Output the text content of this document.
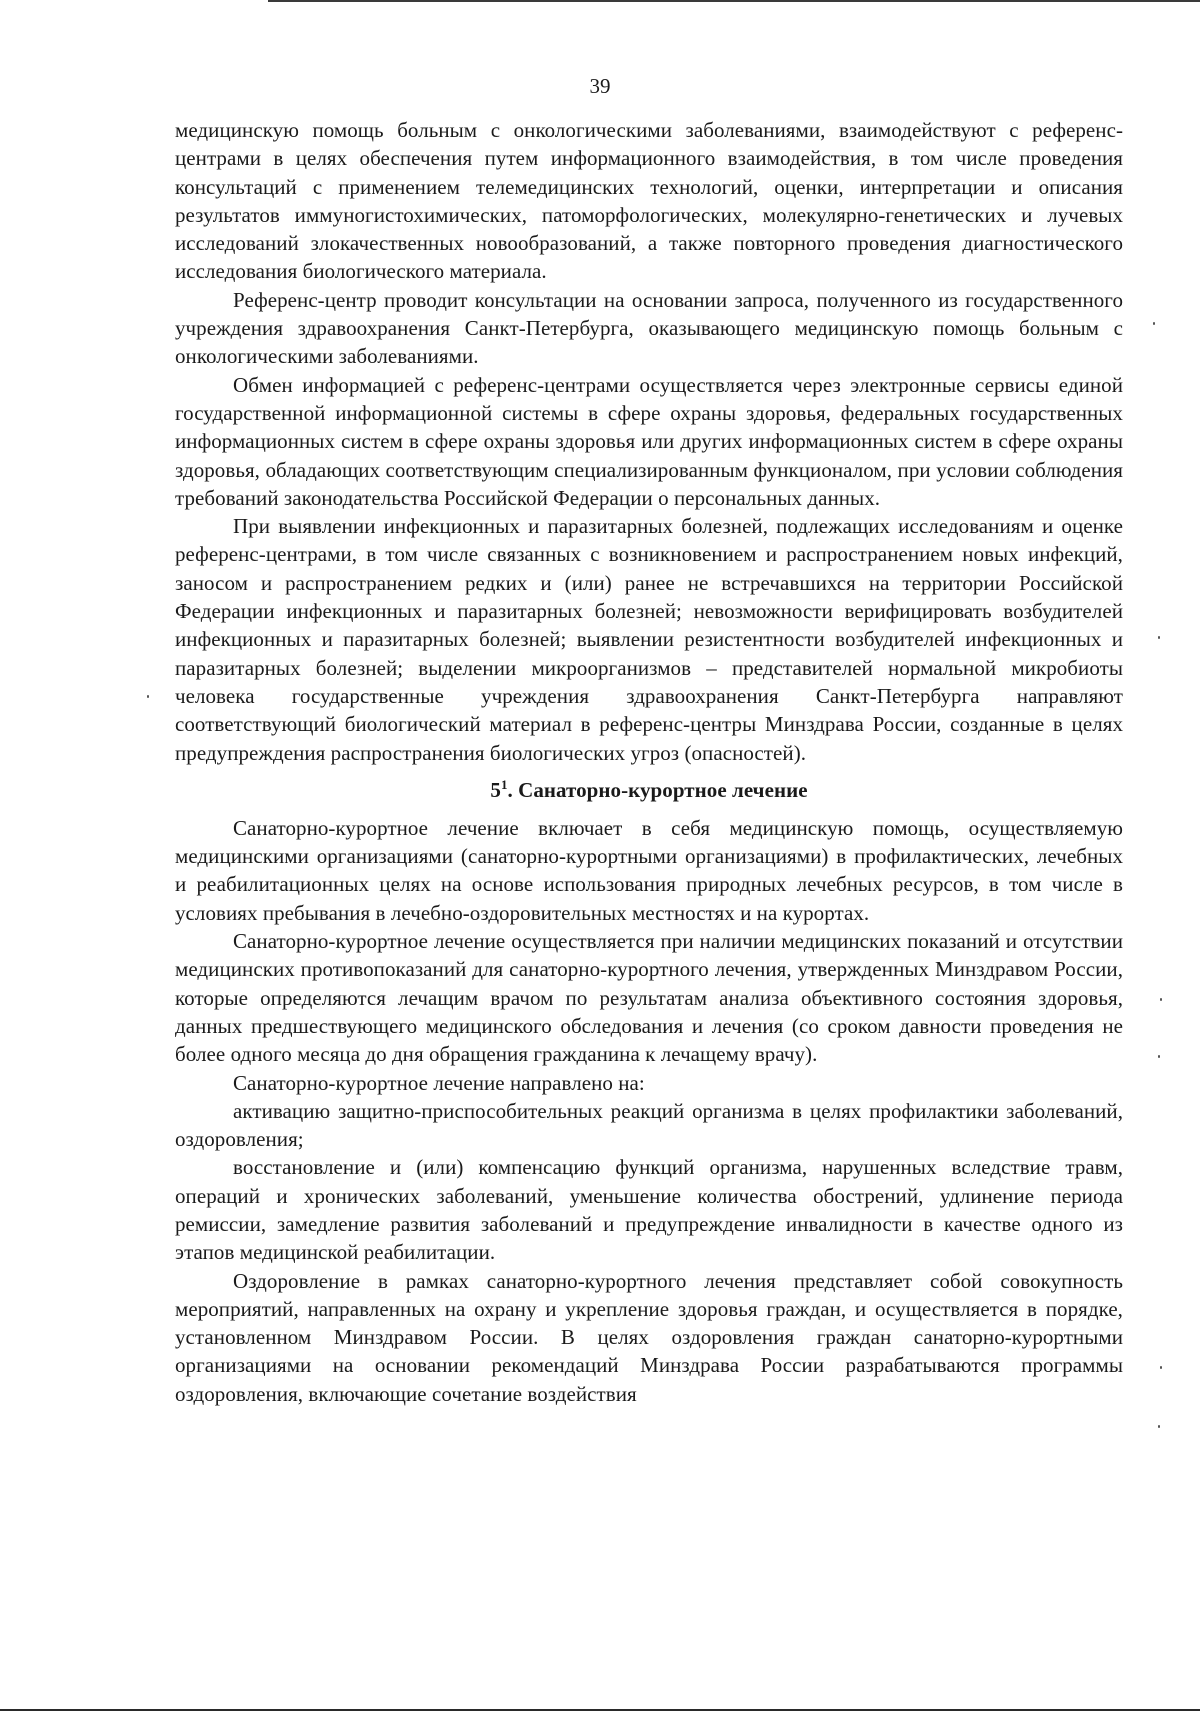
39

медицинскую помощь больным с онкологическими заболеваниями, взаимодействуют с референс-центрами в целях обеспечения путем информационного взаимодействия, в том числе проведения консультаций с применением телемедицинских технологий, оценки, интерпретации и описания результатов иммуногистохимических, патоморфологических, молекулярно-генетических и лучевых исследований злокачественных новообразований, а также повторного проведения диагностического исследования биологического материала.

Референс-центр проводит консультации на основании запроса, полученного из государственного учреждения здравоохранения Санкт-Петербурга, оказывающего медицинскую помощь больным с онкологическими заболеваниями.

Обмен информацией с референс-центрами осуществляется через электронные сервисы единой государственной информационной системы в сфере охраны здоровья, федеральных государственных информационных систем в сфере охраны здоровья или других информационных систем в сфере охраны здоровья, обладающих соответствующим специализированным функционалом, при условии соблюдения требований законодательства Российской Федерации о персональных данных.

При выявлении инфекционных и паразитарных болезней, подлежащих исследованиям и оценке референс-центрами, в том числе связанных с возникновением и распространением новых инфекций, заносом и распространением редких и (или) ранее не встречавшихся на территории Российской Федерации инфекционных и паразитарных болезней; невозможности верифицировать возбудителей инфекционных и паразитарных болезней; выявлении резистентности возбудителей инфекционных и паразитарных болезней; выделении микроорганизмов – представителей нормальной микробиоты человека государственные учреждения здравоохранения Санкт-Петербурга направляют соответствующий биологический материал в референс-центры Минздрава России, созданные в целях предупреждения распространения биологических угроз (опасностей).

$5^1$. Санаторно-курортное лечение

Санаторно-курортное лечение включает в себя медицинскую помощь, осуществляемую медицинскими организациями (санаторно-курортными организациями) в профилактических, лечебных и реабилитационных целях на основе использования природных лечебных ресурсов, в том числе в условиях пребывания в лечебно-оздоровительных местностях и на курортах.

Санаторно-курортное лечение осуществляется при наличии медицинских показаний и отсутствии медицинских противопоказаний для санаторно-курортного лечения, утвержденных Минздравом России, которые определяются лечащим врачом по результатам анализа объективного состояния здоровья, данных предшествующего медицинского обследования и лечения (со сроком давности проведения не более одного месяца до дня обращения гражданина к лечащему врачу).

Санаторно-курортное лечение направлено на:

активацию защитно-приспособительных реакций организма в целях профилактики заболеваний, оздоровления;

восстановление и (или) компенсацию функций организма, нарушенных вследствие травм, операций и хронических заболеваний, уменьшение количества обострений, удлинение периода ремиссии, замедление развития заболеваний и предупреждение инвалидности в качестве одного из этапов медицинской реабилитации.

Оздоровление в рамках санаторно-курортного лечения представляет собой совокупность мероприятий, направленных на охрану и укрепление здоровья граждан, и осуществляется в порядке, установленном Минздравом России. В целях оздоровления граждан санаторно-курортными организациями на основании рекомендаций Минздрава России разрабатываются программы оздоровления, включающие сочетание воздействия
